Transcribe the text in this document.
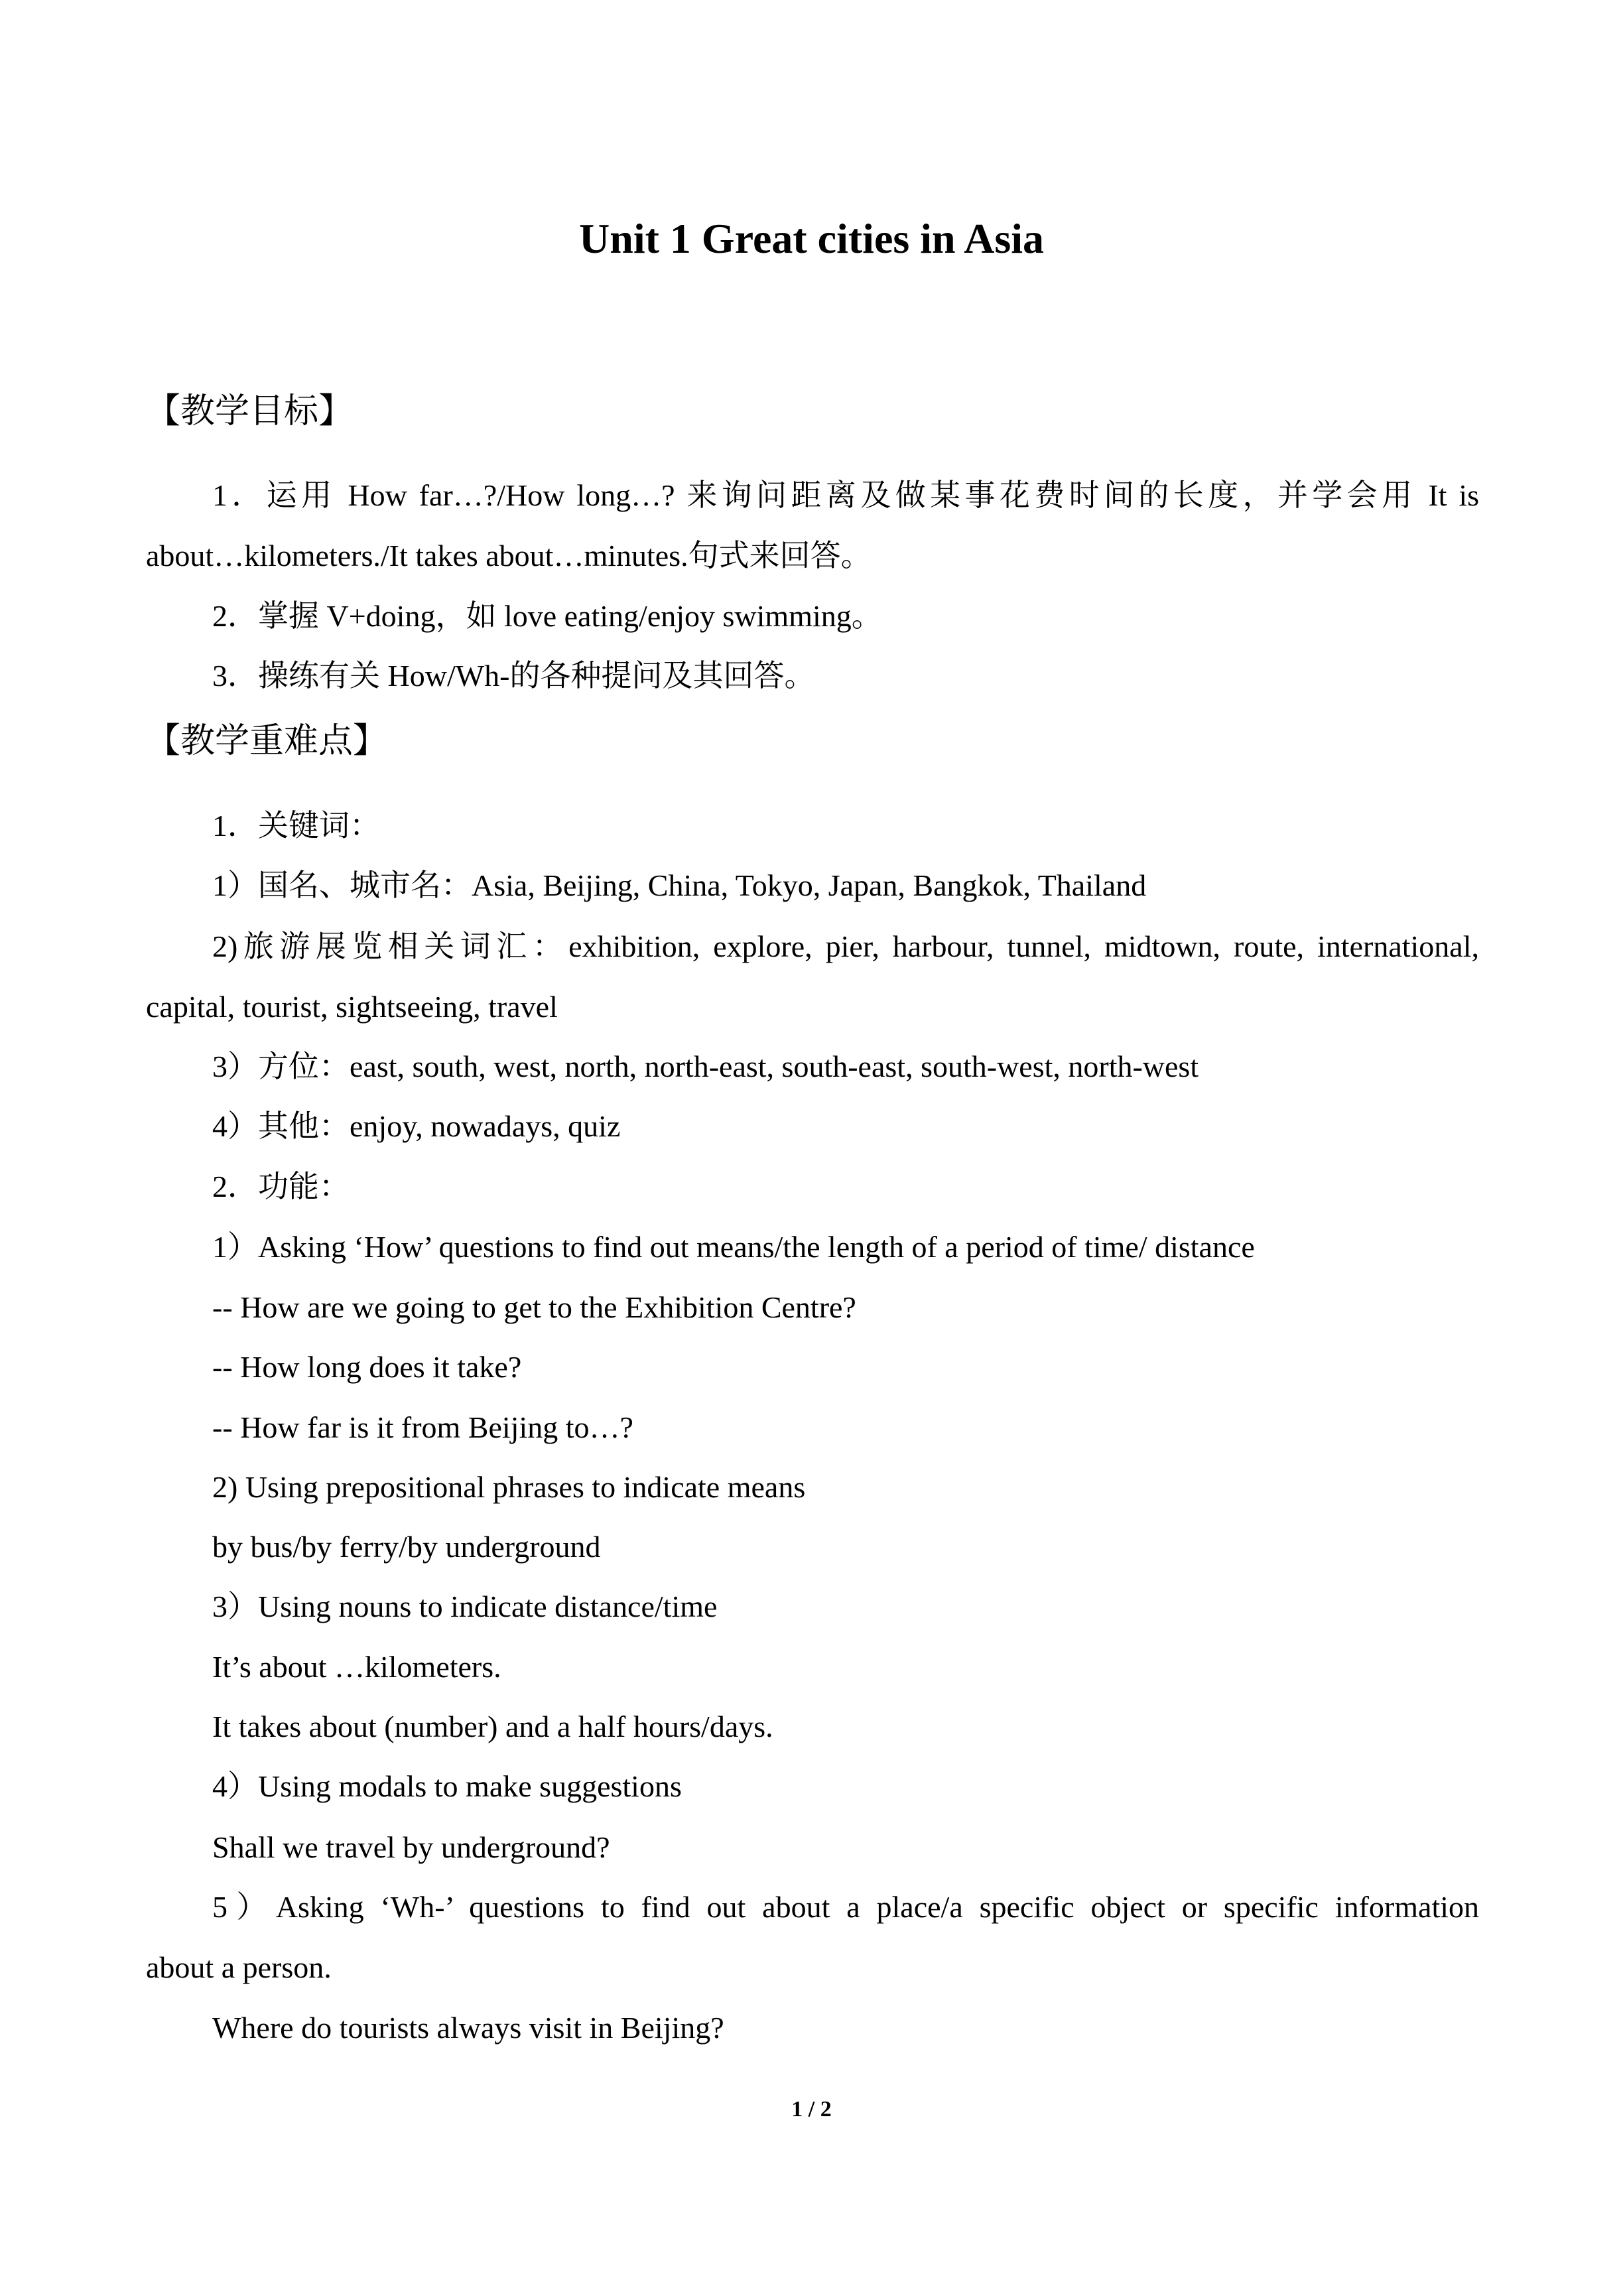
Unit 1 Great cities in Asia
【教学目标】
1．运用 How far…?/How long…? 来询问距离及做某事花费时间的长度，并学会用 It is
about…kilometers./It takes about…minutes.句式来回答。
2．掌握 V+doing，如 love eating/enjoy swimming。
3．操练有关 How/Wh-的各种提问及其回答。
【教学重难点】
1．关键词：
1）国名、城市名：Asia, Beijing, China, Tokyo, Japan, Bangkok, Thailand
2)旅游展览相关词汇：exhibition, explore, pier, harbour, tunnel, midtown, route, international,
capital, tourist, sightseeing, travel
3）方位：east, south, west, north, north-east, south-east, south-west, north-west
4）其他：enjoy, nowadays, quiz
2．功能：
1）Asking ‘How’ questions to find out means/the length of a period of time/ distance
-- How are we going to get to the Exhibition Centre?
-- How long does it take?
-- How far is it from Beijing to…?
2) Using prepositional phrases to indicate means
by bus/by ferry/by underground
3）Using nouns to indicate distance/time
It’s about …kilometers.
It takes about (number) and a half hours/days.
4）Using modals to make suggestions
Shall we travel by underground?
5）Asking ‘Wh-’ questions to find out about a place/a specific object or specific information
about a person.
Where do tourists always visit in Beijing?
1 / 2
